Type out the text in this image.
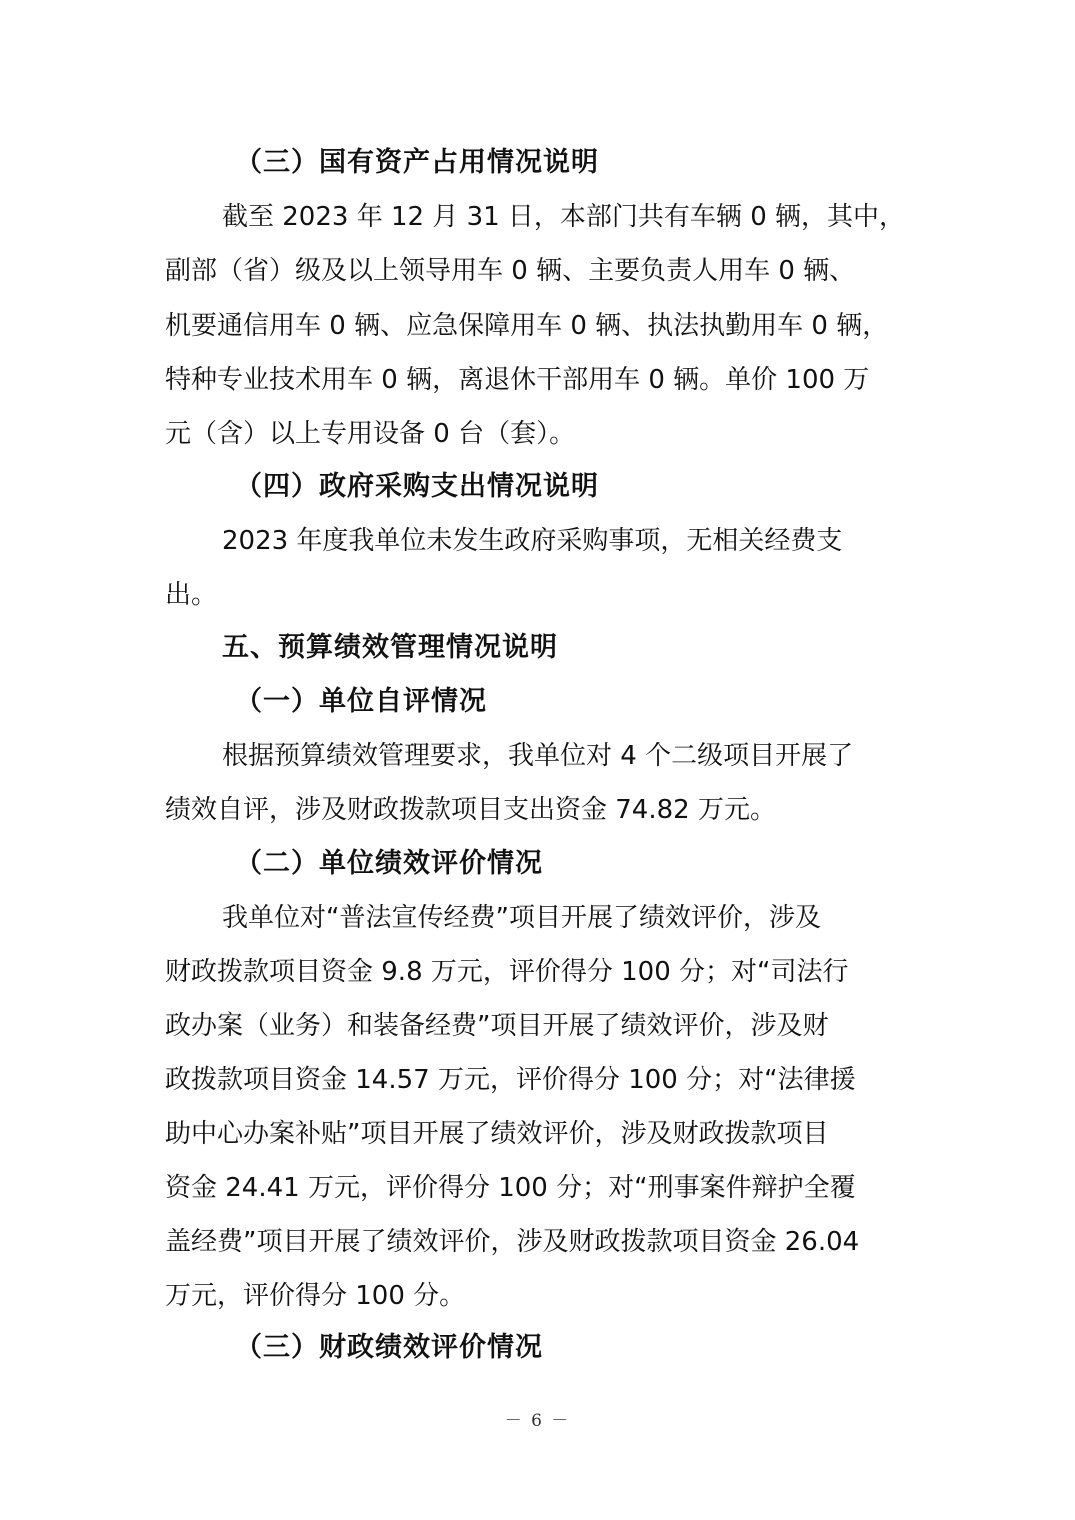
（三）国有资产占用情况说明
截至 2023 年 12 月 31 日，本部门共有车辆 0 辆，其中，
副部（省）级及以上领导用车 0 辆、主要负责人用车 0 辆、
机要通信用车 0 辆、应急保障用车 0 辆、执法执勤用车 0 辆，
特种专业技术用车 0 辆，离退休干部用车 0 辆。单价 100 万
元（含）以上专用设备 0 台（套）。
（四）政府采购支出情况说明
2023 年度我单位未发生政府采购事项，无相关经费支
出。
五、预算绩效管理情况说明
（一）单位自评情况
根据预算绩效管理要求，我单位对 4 个二级项目开展了
绩效自评，涉及财政拨款项目支出资金 74.82 万元。
（二）单位绩效评价情况
我单位对“普法宣传经费”项目开展了绩效评价，涉及
财政拨款项目资金 9.8 万元，评价得分 100 分；对“司法行
政办案（业务）和装备经费”项目开展了绩效评价，涉及财
政拨款项目资金 14.57 万元，评价得分 100 分；对“法律援
助中心办案补贴”项目开展了绩效评价，涉及财政拨款项目
资金 24.41 万元，评价得分 100 分；对“刑事案件辩护全覆
盖经费”项目开展了绩效评价，涉及财政拨款项目资金 26.04
万元，评价得分 100 分。
（三）财政绩效评价情况
－ 6 －
